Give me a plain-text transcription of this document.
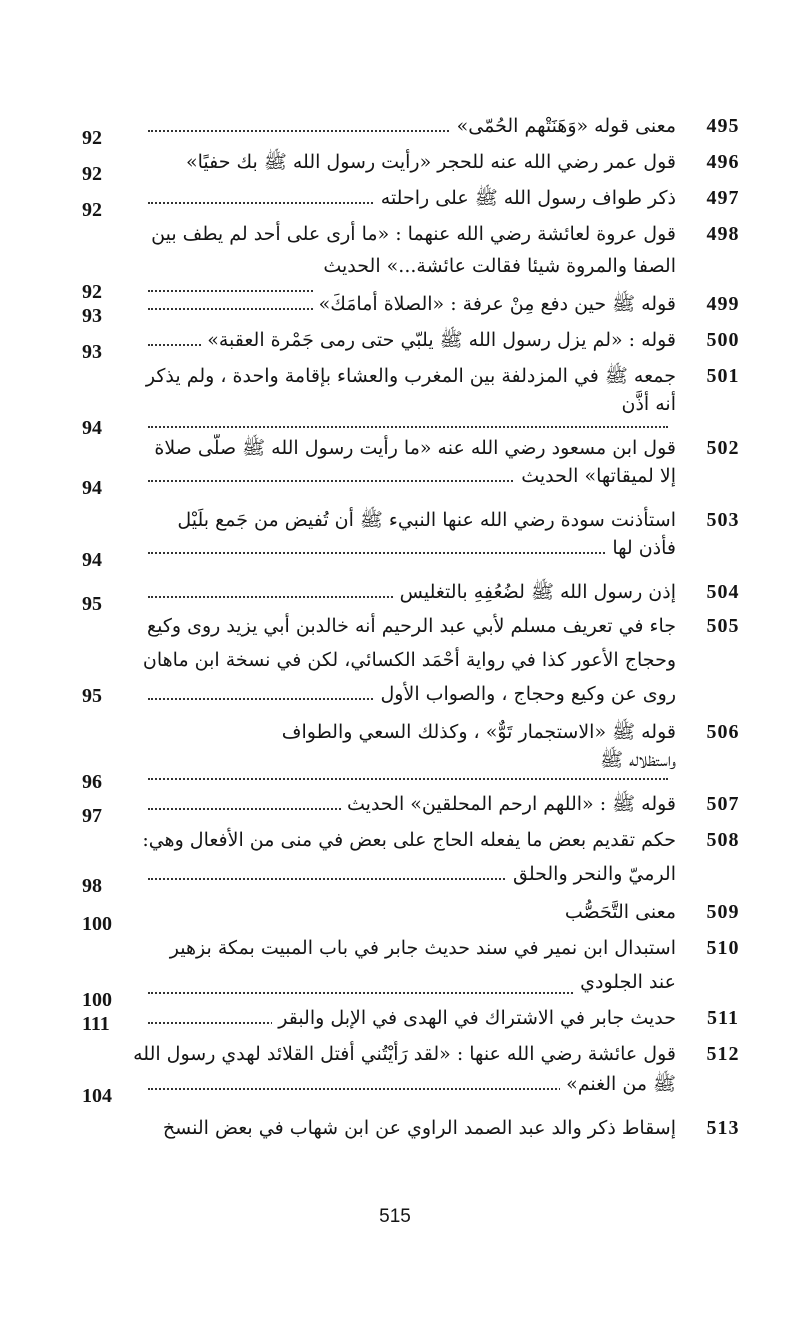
495
معنى قوله «وَهَنَتْهم الحُمّى»
92
496
قول عمر رضي الله عنه للحجر «رأيت رسول الله ﷺ بك حفيًا»
92
497
ذكر طواف رسول الله ﷺ على راحلته
92
498
قول عروة لعائشة رضي الله عنهما : «ما أرى على أحد لم يطف بين
الصفا والمروة شيئا فقالت عائشة...» الحديث
92
499
قوله ﷺ حين دفع مِنْ عرفة : «الصلاة أمامَكَ»
93
500
قوله : «لم يزل رسول الله ﷺ يلبّي حتى رمى جَمْرة العقبة»
93
501
جمعه ﷺ في المزدلفة بين المغرب والعشاء بإقامة واحدة ، ولم يذكر
أنه أذَّن
94
502
قول ابن مسعود رضي الله عنه «ما رأيت رسول الله ﷺ صلّى صلاة
إلا لميقاتها» الحديث
94
503
استأذنت سودة رضي الله عنها النبيء ﷺ أن تُفيض من جَمع بلَيْل
فأذن لها
94
504
إذن رسول الله ﷺ لضُعُفِهِ بالتغليس
95
505
جاء في تعريف مسلم لأبي عبد الرحيم أنه خالدبن أبي يزيد روى وكيع
وحجاج الأعور كذا في رواية أحْمَد الكسائي، لكن في نسخة ابن ماهان
روى عن وكيع وحجاج ، والصواب الأول
95
506
قوله ﷺ «الاستجمار تَوٌّ» ، وكذلك السعي والطواف
واستظلاله ﷺ
96
507
قوله ﷺ : «اللهم ارحم المحلقين» الحديث
97
508
حكم تقديم بعض ما يفعله الحاج على بعض في منى من الأفعال وهي:
الرميّ والنحر والحلق
98
509
معنى التَّحَصُّب
100
510
استبدال ابن نمير في سند حديث جابر في باب المبيت بمكة بزهير
عند الجلودي
100
511
حديث جابر في الاشتراك في الهدى في الإبل والبقر
111
512
قول عائشة رضي الله عنها : «لقد رَأَيْتُني أفتل القلائد لهدي رسول الله
ﷺ من الغنم»
104
513
إسقاط ذكر والد عبد الصمد الراوي عن ابن شهاب في بعض النسخ
515
